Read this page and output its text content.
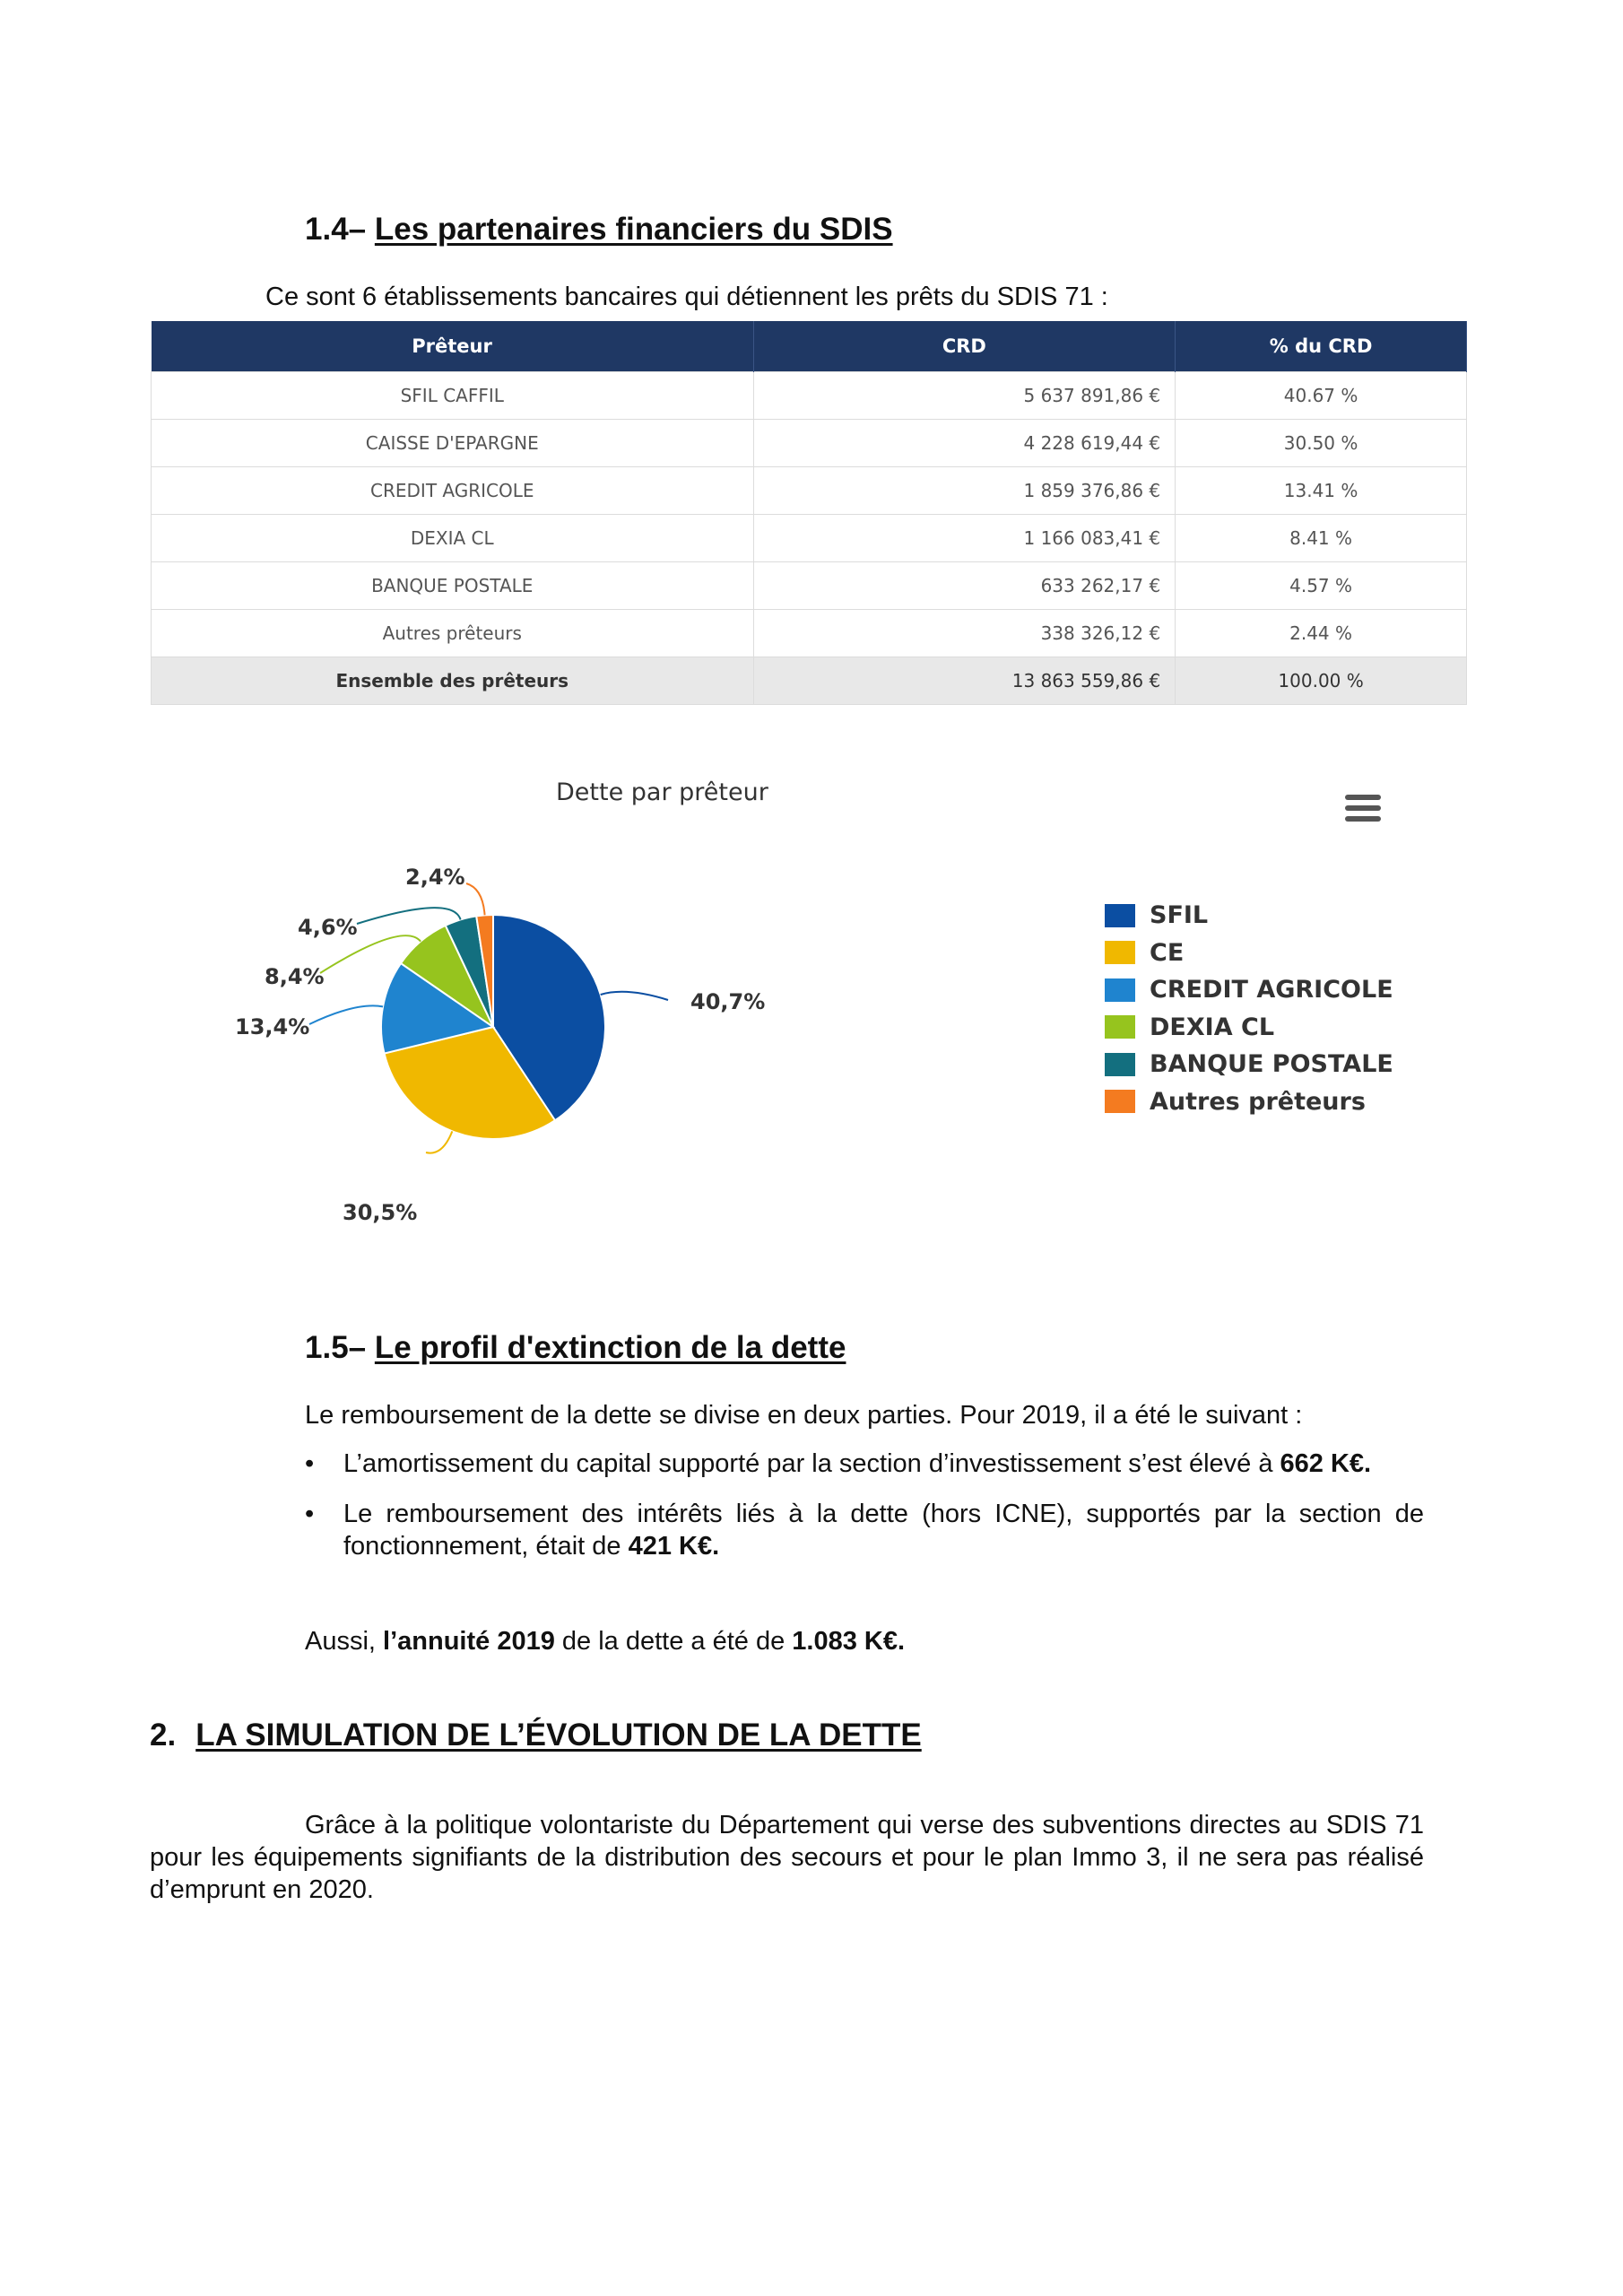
1.4– Les partenaires financiers du SDIS

Ce sont 6 établissements bancaires qui détiennent les prêts du SDIS 71 :

Prêteur	CRD	% du CRD
SFIL CAFFIL	5 637 891,86 €	40.67 %
CAISSE D'EPARGNE	4 228 619,44 €	30.50 %
CREDIT AGRICOLE	1 859 376,86 €	13.41 %
DEXIA CL	1 166 083,41 €	8.41 %
BANQUE POSTALE	633 262,17 €	4.57 %
Autres prêteurs	338 326,12 €	2.44 %
Ensemble des prêteurs	13 863 559,86 €	100.00 %
Dette par prêteur
40,7%
30,5%
13,4%
8,4%
4,6%
2,4%
SFIL
CE
CREDIT AGRICOLE
DEXIA CL
BANQUE POSTALE
Autres prêteurs
1.5– Le profil d'extinction de la dette

Le remboursement de la dette se divise en deux parties. Pour 2019, il a été le suivant :

• L’amortissement du capital supporté par la section d’investissement s’est élevé à 662 K€.
• Le remboursement des intérêts liés à la dette (hors ICNE), supportés par la section de fonctionnement, était de 421 K€.

Aussi, l’annuité 2019 de la dette a été de 1.083 K€.

2. LA SIMULATION DE L’ÉVOLUTION DE LA DETTE

Grâce à la politique volontariste du Département qui verse des subventions directes au SDIS 71 pour les équipements signifiants de la distribution des secours et pour le plan Immo 3, il ne sera pas réalisé d’emprunt en 2020.
